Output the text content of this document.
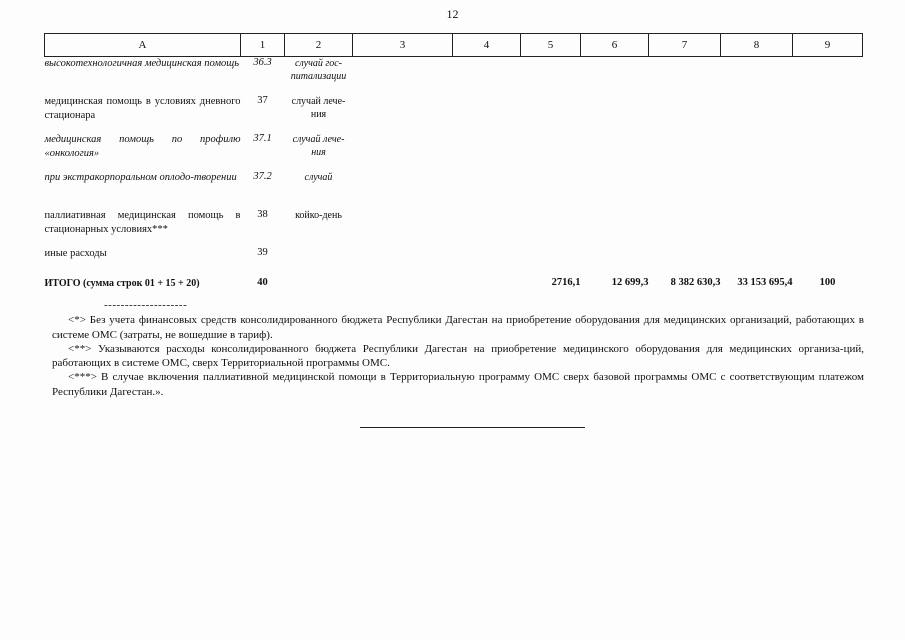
12
А	1	2	3	4	5	6	7	8	9
высокотехнологичная медицинская помощь	36.3	случай гос-
питализации							
медицинская помощь в условиях дневного стационара	37	случай лече-
ния							
медицинская помощь по профилю «онкология»	37.1	случай лече-
ния							
при экстракорпоральном оплодо-творении	37.2	случай							
паллиативная медицинская помощь в стационарных условиях***	38	койко-день							
иные расходы	39								
ИТОГО (сумма строк 01 + 15 + 20)	40				2716,1	12 699,3	8 382 630,3	33 153 695,4	100
--------------------

<*> Без учета финансовых средств консолидированного бюджета Республики Дагестан на приобретение оборудования для медицинских организаций, работающих в системе ОМС (затраты, не вошедшие в тариф).

<**> Указываются расходы консолидированного бюджета Республики Дагестан на приобретение медицинского оборудования для медицинских организа-ций, работающих в системе ОМС, сверх Территориальной программы ОМС.

<***> В случае включения паллиативной медицинской помощи в Территориальную программу ОМС сверх базовой программы ОМС с соответствующим платежом Республики Дагестан.».
